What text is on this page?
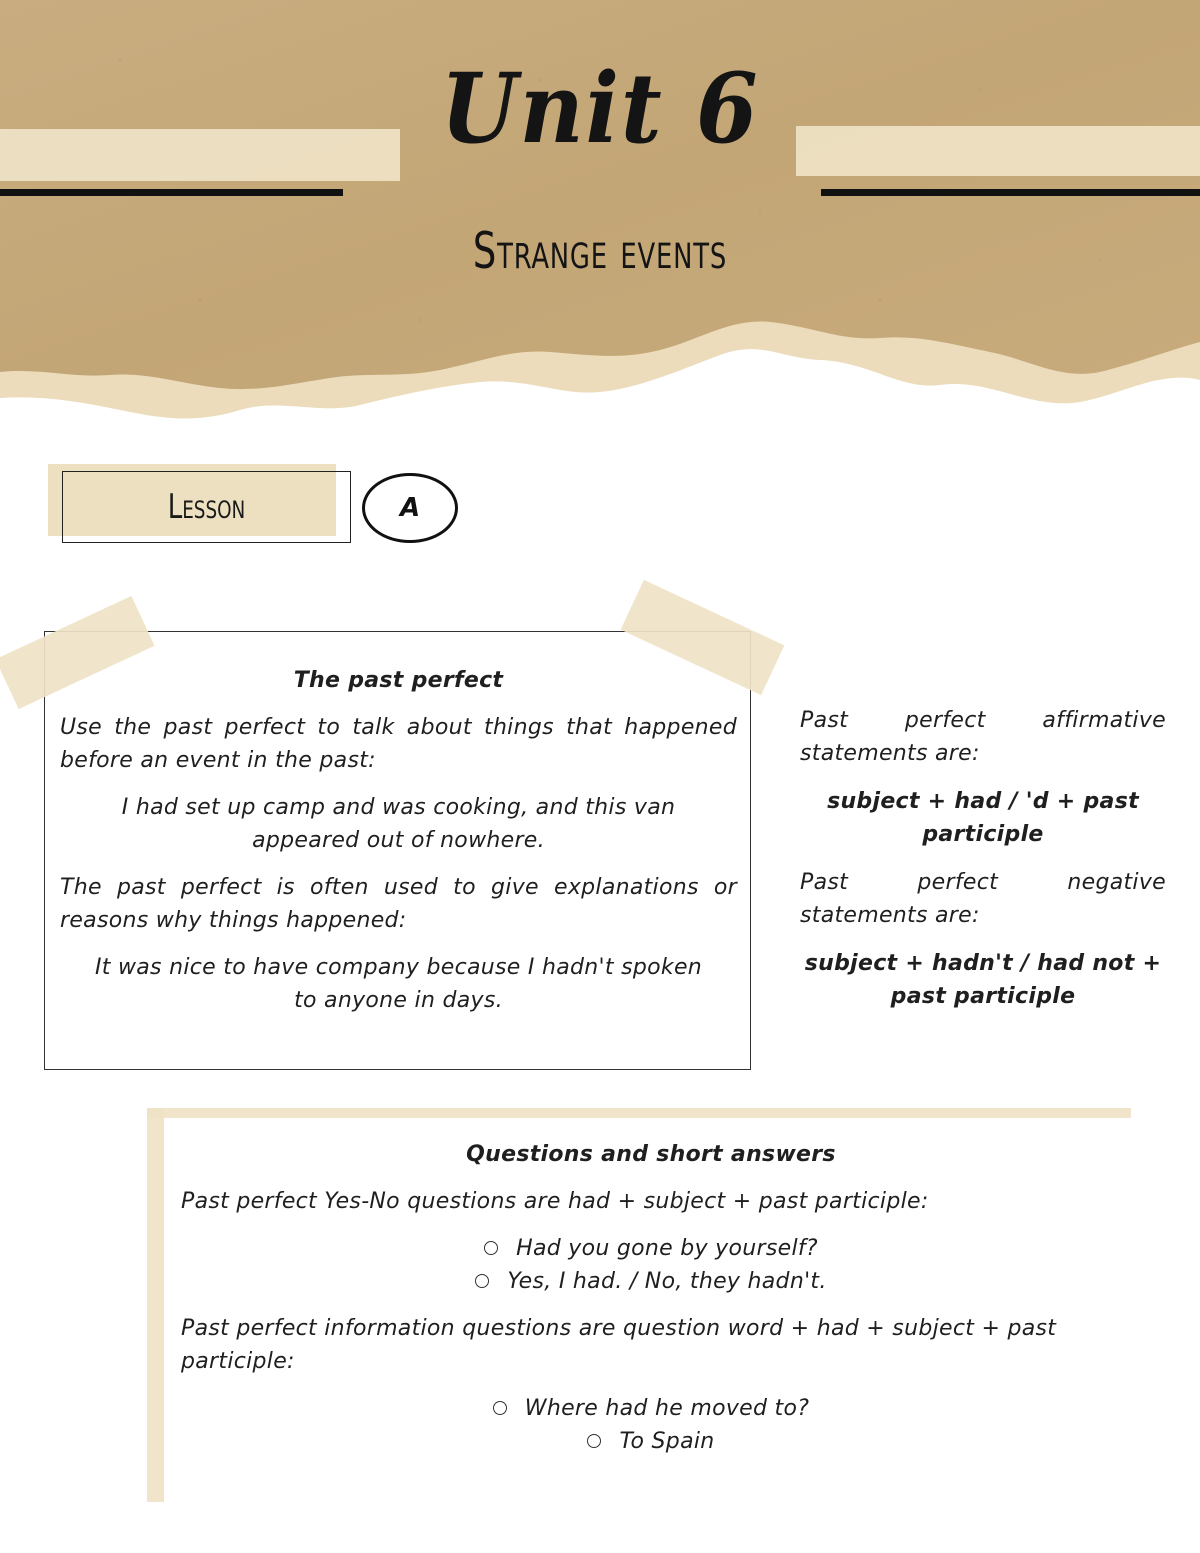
Unit 6
Strange events
Lesson	A

The past perfect

Use the past perfect to talk about things that happened before an event in the past:

I had set up camp and was cooking, and this van appeared out of nowhere.

The past perfect is often used to give explanations or reasons why things happened:

It was nice to have company because I hadn't spoken to anyone in days.

Past perfect affirmative statements are:

subject + had / 'd + past participle

Past perfect negative statements are:

subject + hadn't / had not + past participle

Questions and short answers

Past perfect Yes-No questions are had + subject + past participle:

Had you gone by yourself?
Yes, I had. / No, they hadn't.

Past perfect information questions are question word + had + subject + past participle:

Where had he moved to?
To Spain
